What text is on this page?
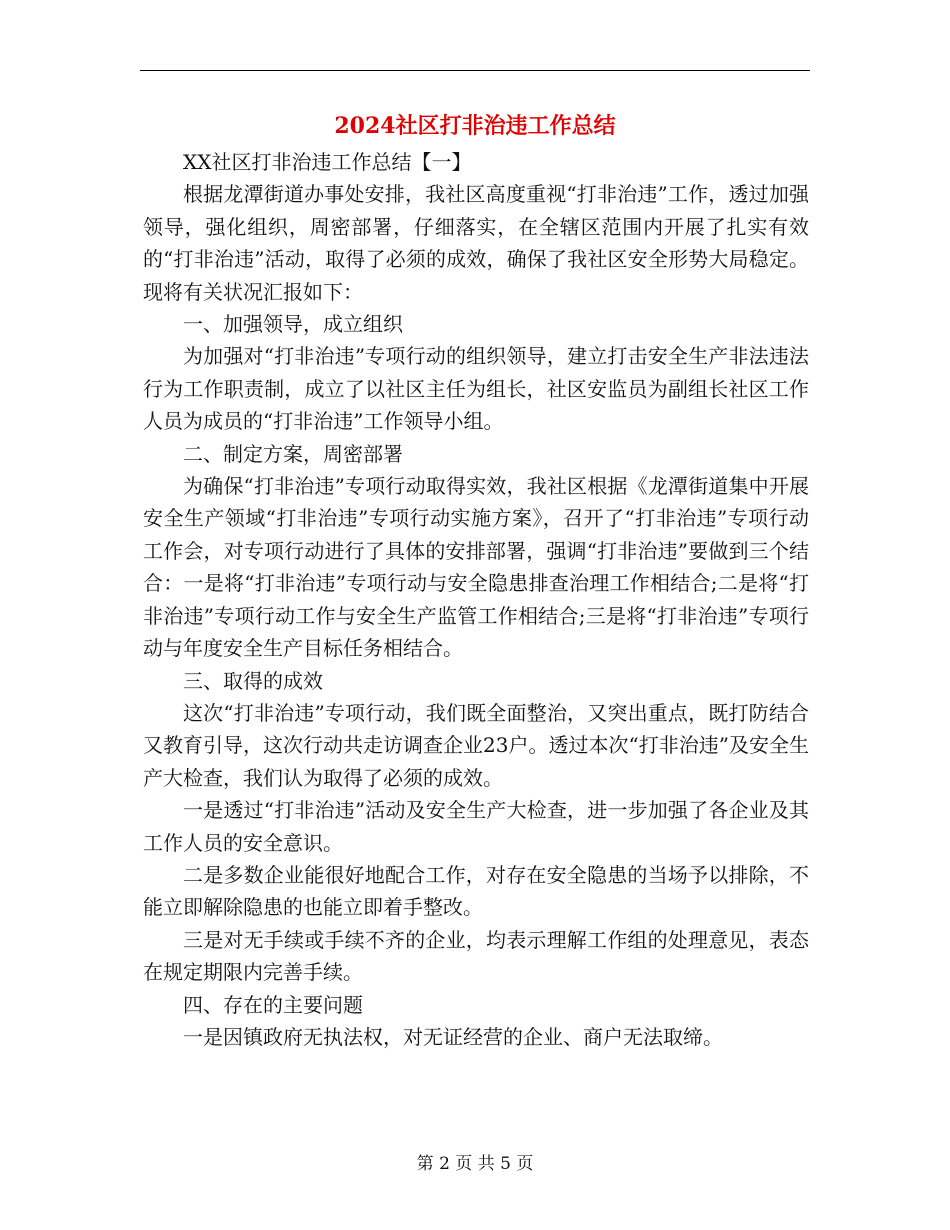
2024社区打非治违工作总结

XX社区打非治违工作总结【一】

根据龙潭街道办事处安排，我社区高度重视“打非治违”工作，透过加强领导，强化组织，周密部署，仔细落实，在全辖区范围内开展了扎实有效的“打非治违”活动，取得了必须的成效，确保了我社区安全形势大局稳定。现将有关状况汇报如下：

一、加强领导，成立组织

为加强对“打非治违”专项行动的组织领导，建立打击安全生产非法违法行为工作职责制，成立了以社区主任为组长，社区安监员为副组长社区工作人员为成员的“打非治违”工作领导小组。

二、制定方案，周密部署

为确保“打非治违”专项行动取得实效，我社区根据《龙潭街道集中开展安全生产领域“打非治违”专项行动实施方案》，召开了“打非治违”专项行动工作会，对专项行动进行了具体的安排部署，强调“打非治违”要做到三个结合：一是将“打非治违”专项行动与安全隐患排查治理工作相结合;二是将“打非治违”专项行动工作与安全生产监管工作相结合;三是将“打非治违”专项行动与年度安全生产目标任务相结合。

三、取得的成效

这次“打非治违”专项行动，我们既全面整治，又突出重点，既打防结合又教育引导，这次行动共走访调查企业23户。透过本次“打非治违”及安全生产大检查，我们认为取得了必须的成效。

一是透过“打非治违”活动及安全生产大检查，进一步加强了各企业及其工作人员的安全意识。

二是多数企业能很好地配合工作，对存在安全隐患的当场予以排除，不能立即解除隐患的也能立即着手整改。

三是对无手续或手续不齐的企业，均表示理解工作组的处理意见，表态在规定期限内完善手续。

四、存在的主要问题

一是因镇政府无执法权，对无证经营的企业、商户无法取缔。

第 2 页 共 5 页
